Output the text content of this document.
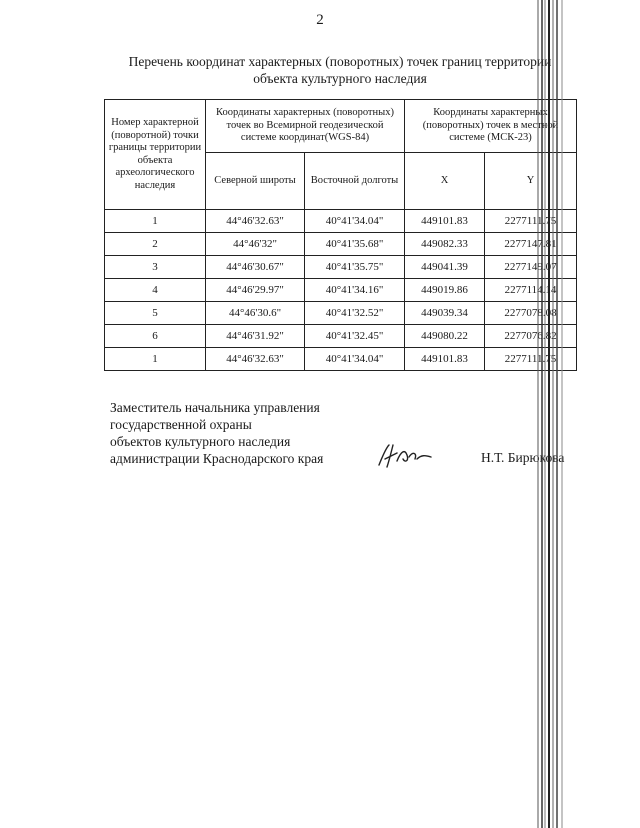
2
Перечень координат характерных (поворотных) точек границ территории
объекта культурного наследия
Номер характерной (поворотной) точки границы территории объекта археологического наследия	Координаты характерных (поворотных) точек во Всемирной геодезической системе координат(WGS-84)		Координаты характерных (поворотных) точек в местной системе (МСК-23)	
	Северной широты	Восточной долготы	X	Y
1	44°46'32.63"	40°41'34.04"	449101.83	2277111.75
2	44°46'32"	40°41'35.68"	449082.33	2277147.81
3	44°46'30.67"	40°41'35.75"	449041.39	2277149.07
4	44°46'29.97"	40°41'34.16"	449019.86	2277114.14
5	44°46'30.6"	40°41'32.52"	449039.34	2277078.08
6	44°46'31.92"	40°41'32.45"	449080.22	2277076.82
1	44°46'32.63"	40°41'34.04"	449101.83	2277111.75
Заместитель начальника управления
государственной охраны
объектов культурного наследия
администрации Краснодарского края	Н.Т. Бирюкова
